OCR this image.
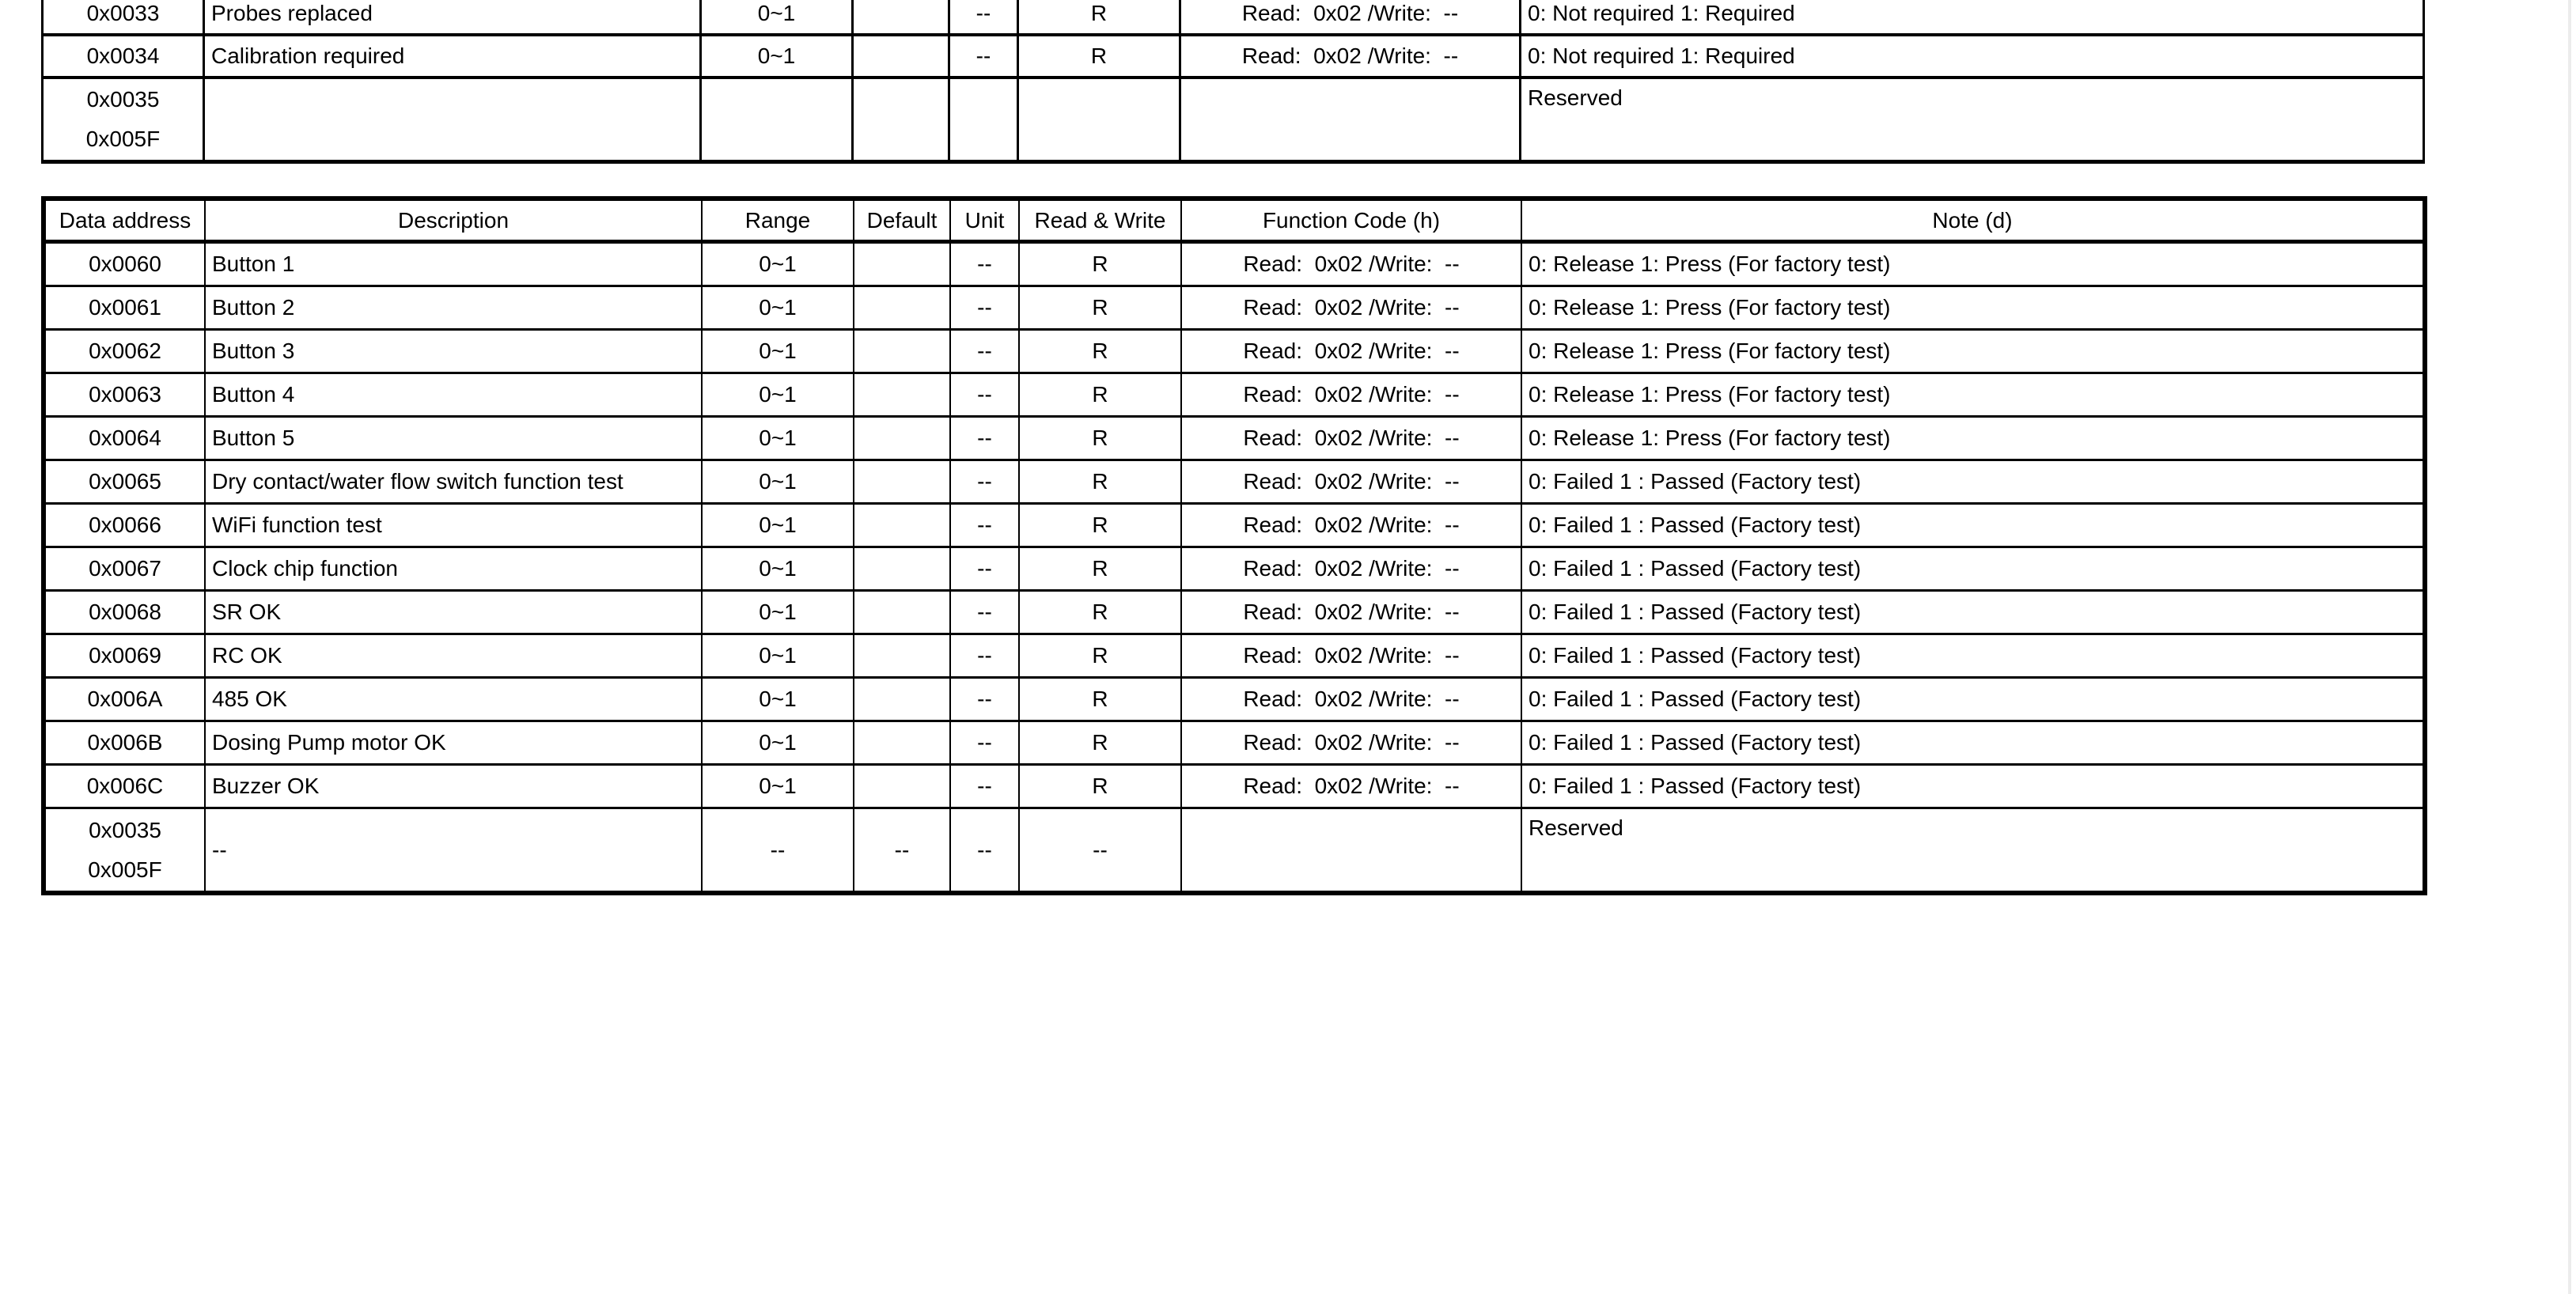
0x0033	Probes replaced	0~1		--	R	Read:  0x02 /Write:  --	0: Not required 1: Required
0x0034	Calibration required	0~1		--	R	Read:  0x02 /Write:  --	0: Not required 1: Required

0x0035
0x005F							Reserved
Data address	Description	Range	Default	Unit	Read & Write	Function Code (h)	Note (d)
0x0060	Button 1	0~1		--	R	Read:  0x02 /Write:  --	0: Release 1: Press (For factory test)
0x0061	Button 2	0~1		--	R	Read:  0x02 /Write:  --	0: Release 1: Press (For factory test)
0x0062	Button 3	0~1		--	R	Read:  0x02 /Write:  --	0: Release 1: Press (For factory test)
0x0063	Button 4	0~1		--	R	Read:  0x02 /Write:  --	0: Release 1: Press (For factory test)
0x0064	Button 5	0~1		--	R	Read:  0x02 /Write:  --	0: Release 1: Press (For factory test)
0x0065	Dry contact/water flow switch function test	0~1		--	R	Read:  0x02 /Write:  --	0: Failed 1 : Passed (Factory test)
0x0066	WiFi function test	0~1		--	R	Read:  0x02 /Write:  --	0: Failed 1 : Passed (Factory test)
0x0067	Clock chip function	0~1		--	R	Read:  0x02 /Write:  --	0: Failed 1 : Passed (Factory test)
0x0068	SR OK	0~1		--	R	Read:  0x02 /Write:  --	0: Failed 1 : Passed (Factory test)
0x0069	RC OK	0~1		--	R	Read:  0x02 /Write:  --	0: Failed 1 : Passed (Factory test)
0x006A	485 OK	0~1		--	R	Read:  0x02 /Write:  --	0: Failed 1 : Passed (Factory test)
0x006B	Dosing Pump motor OK	0~1		--	R	Read:  0x02 /Write:  --	0: Failed 1 : Passed (Factory test)
0x006C	Buzzer OK	0~1		--	R	Read:  0x02 /Write:  --	0: Failed 1 : Passed (Factory test)

0x0035
0x005F	--	--	--	--	--		Reserved
